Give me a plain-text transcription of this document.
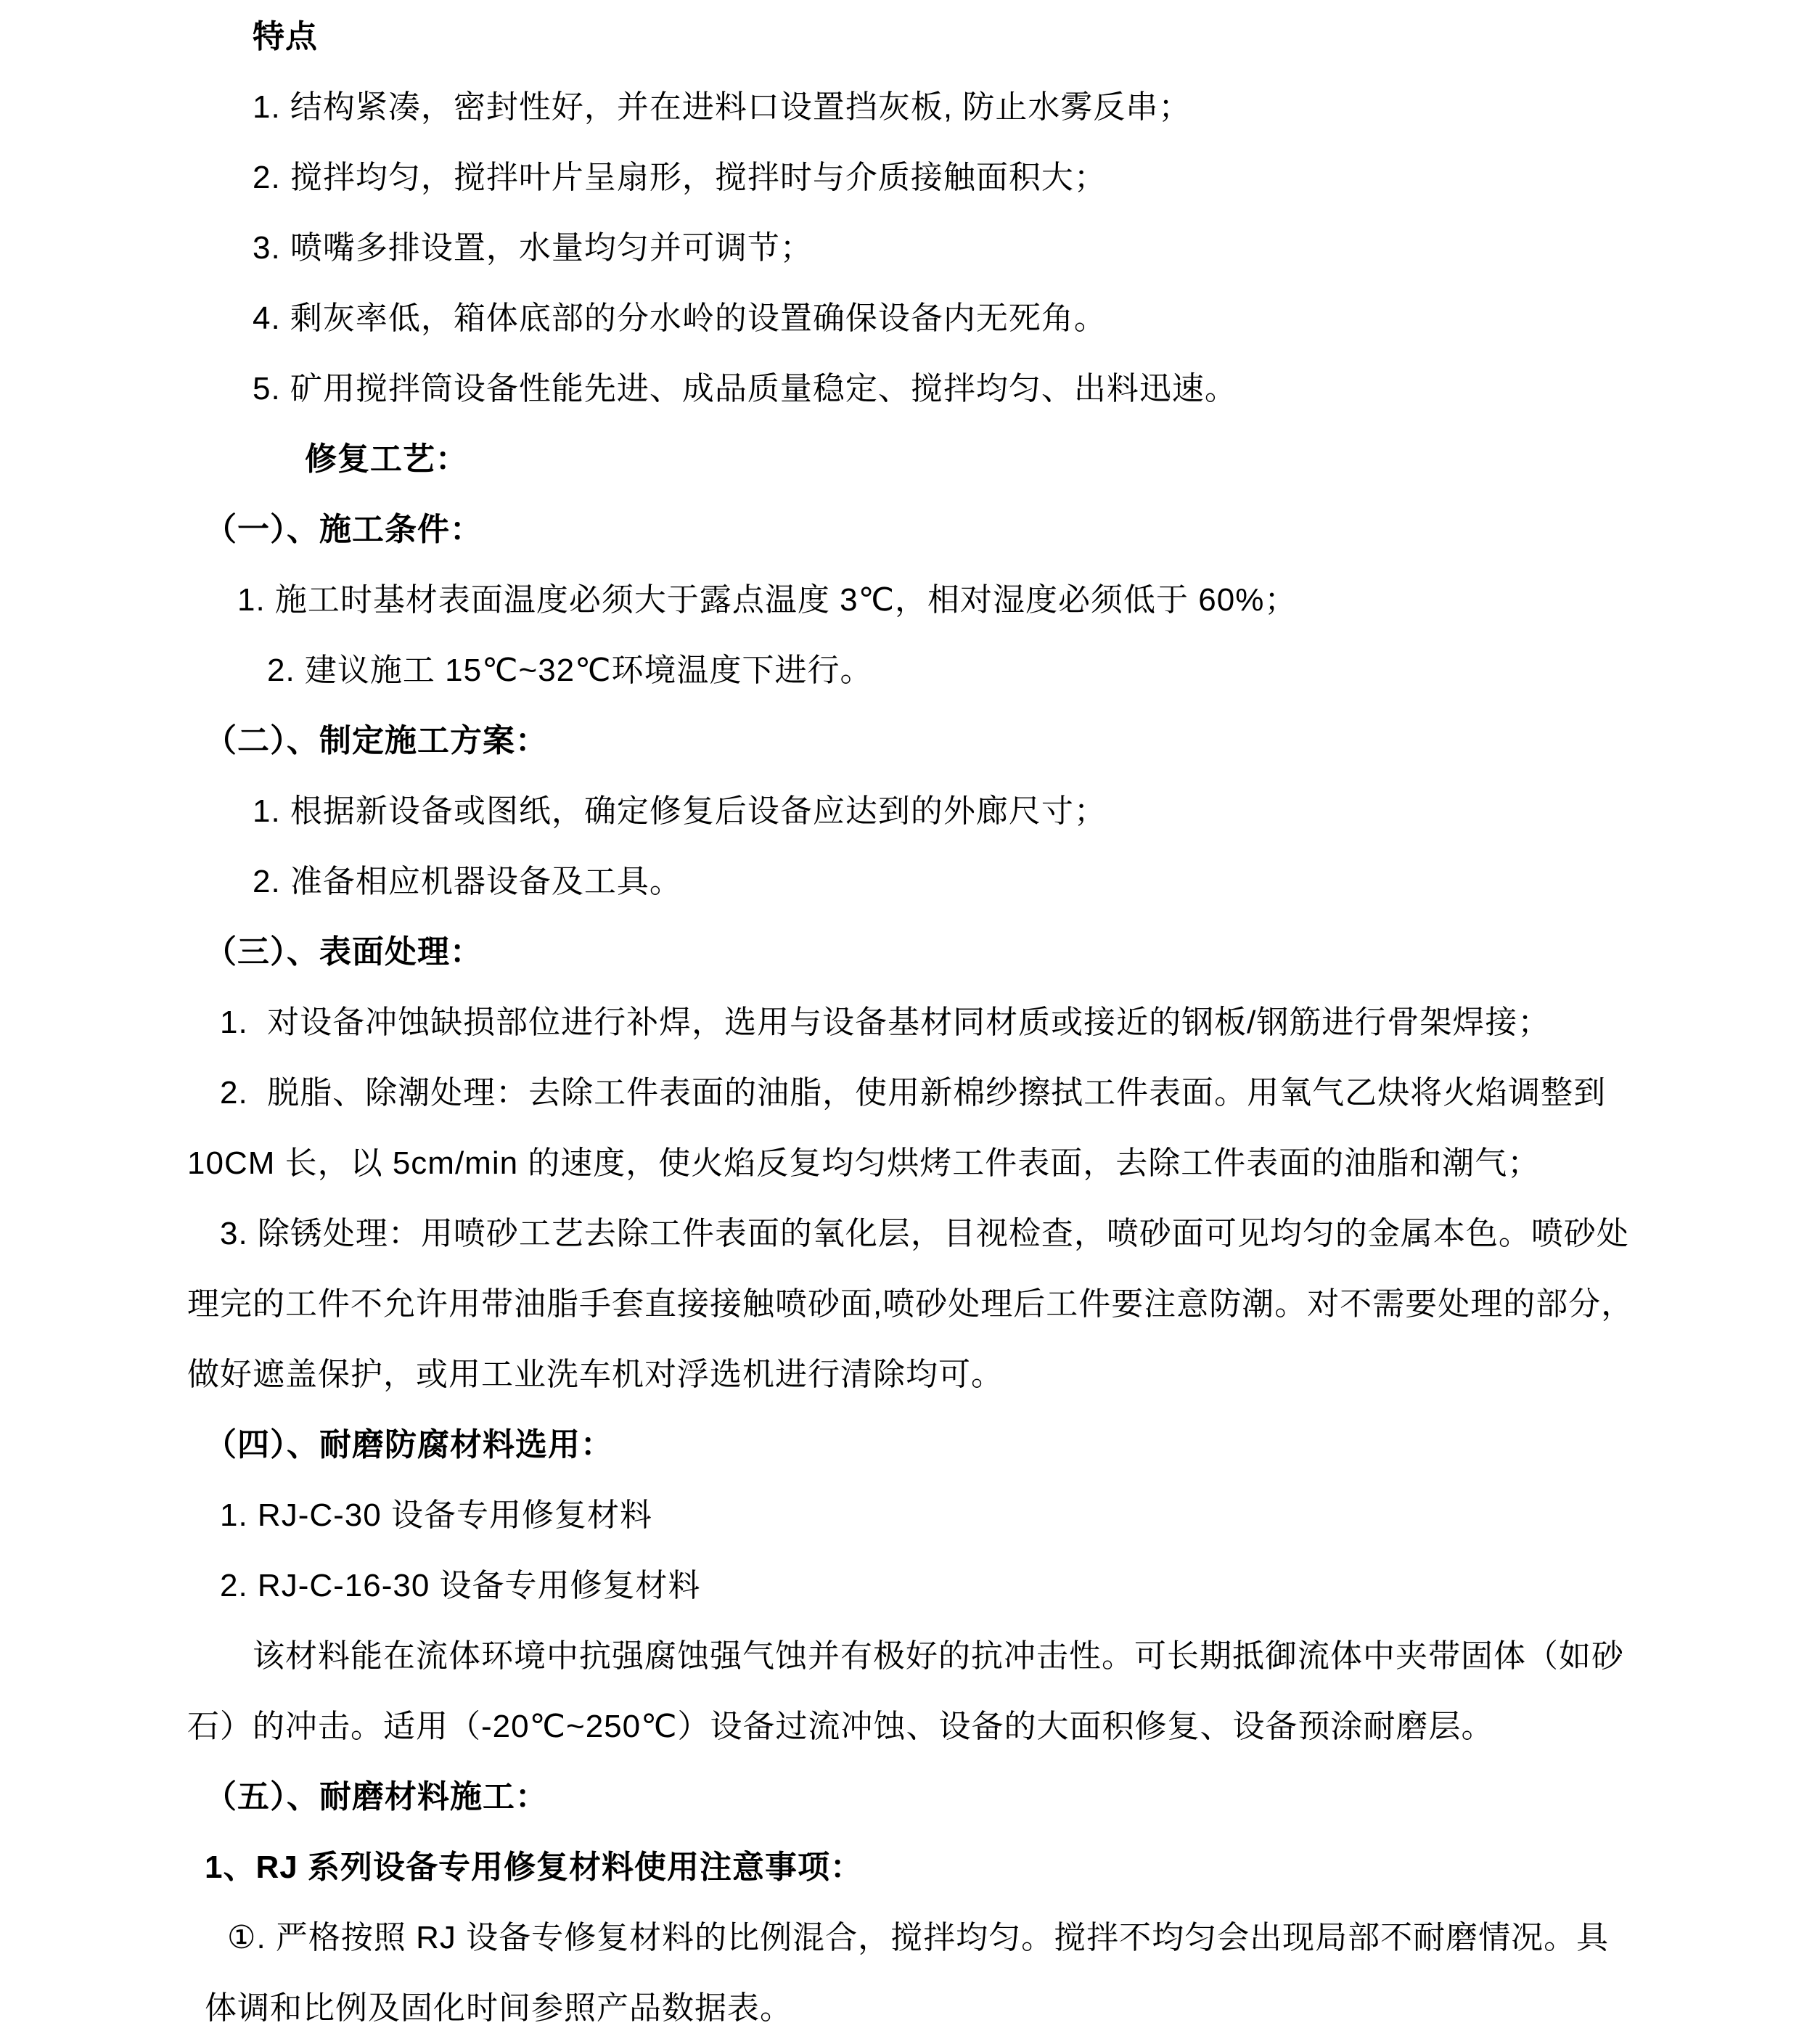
特点

1. 结构紧凑，密封性好，并在进料口设置挡灰板, 防止水雾反串；

2. 搅拌均匀，搅拌叶片呈扇形，搅拌时与介质接触面积大；

3. 喷嘴多排设置，水量均匀并可调节；

4. 剩灰率低，箱体底部的分水岭的设置确保设备内无死角。

5. 矿用搅拌筒设备性能先进、成品质量稳定、搅拌均匀、出料迅速。

修复工艺：

（一）、施工条件：

1. 施工时基材表面温度必须大于露点温度 3℃，相对湿度必须低于 60%；

2. 建议施工 15℃~32℃环境温度下进行。

（二）、制定施工方案：

1. 根据新设备或图纸，确定修复后设备应达到的外廊尺寸；

2. 准备相应机器设备及工具。

（三）、表面处理：

1.  对设备冲蚀缺损部位进行补焊，选用与设备基材同材质或接近的钢板/钢筋进行骨架焊接；

2.  脱脂、除潮处理：去除工件表面的油脂，使用新棉纱擦拭工件表面。用氧气乙炔将火焰调整到

10CM 长，以 5cm/min 的速度，使火焰反复均匀烘烤工件表面，去除工件表面的油脂和潮气；

3. 除锈处理：用喷砂工艺去除工件表面的氧化层，目视检查，喷砂面可见均匀的金属本色。喷砂处

理完的工件不允许用带油脂手套直接接触喷砂面,喷砂处理后工件要注意防潮。对不需要处理的部分，

做好遮盖保护，或用工业洗车机对浮选机进行清除均可。

（四）、耐磨防腐材料选用：

1. RJ-C-30 设备专用修复材料

2. RJ-C-16-30 设备专用修复材料

该材料能在流体环境中抗强腐蚀强气蚀并有极好的抗冲击性。可长期抵御流体中夹带固体（如砂

石）的冲击。适用（-20℃~250℃）设备过流冲蚀、设备的大面积修复、设备预涂耐磨层。

（五）、耐磨材料施工：

1、RJ 系列设备专用修复材料使用注意事项：

①. 严格按照 RJ 设备专修复材料的比例混合，搅拌均匀。搅拌不均匀会出现局部不耐磨情况。具

体调和比例及固化时间参照产品数据表。
